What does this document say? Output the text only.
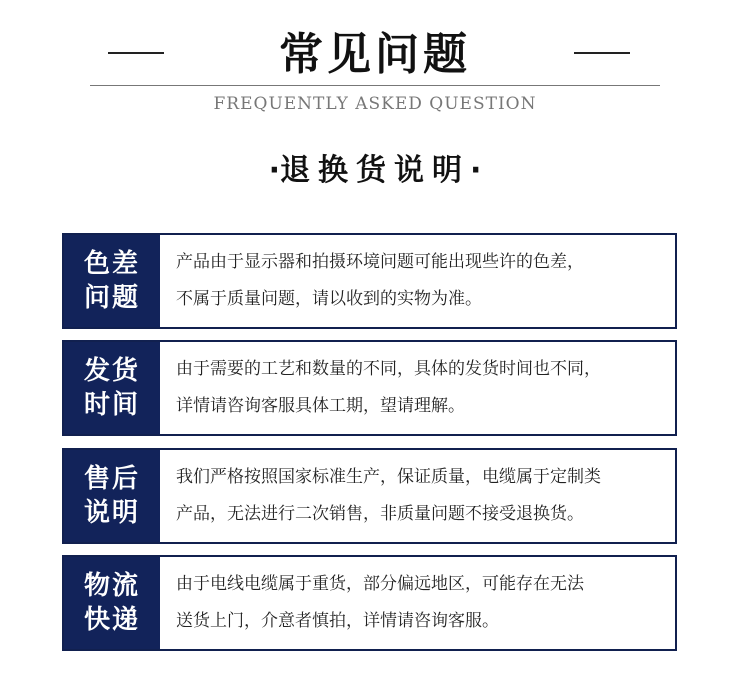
常见问题
FREQUENTLY ASKED QUESTION
·退换货说明·
色差
问题
产品由于显示器和拍摄环境问题可能出现些许的色差，
不属于质量问题，请以收到的实物为准。
发货
时间
由于需要的工艺和数量的不同，具体的发货时间也不同，
详情请咨询客服具体工期，望请理解。
售后
说明
我们严格按照国家标准生产，保证质量，电缆属于定制类
产品，无法进行二次销售，非质量问题不接受退换货。
物流
快递
由于电线电缆属于重货，部分偏远地区，可能存在无法
送货上门，介意者慎拍，详情请咨询客服。
